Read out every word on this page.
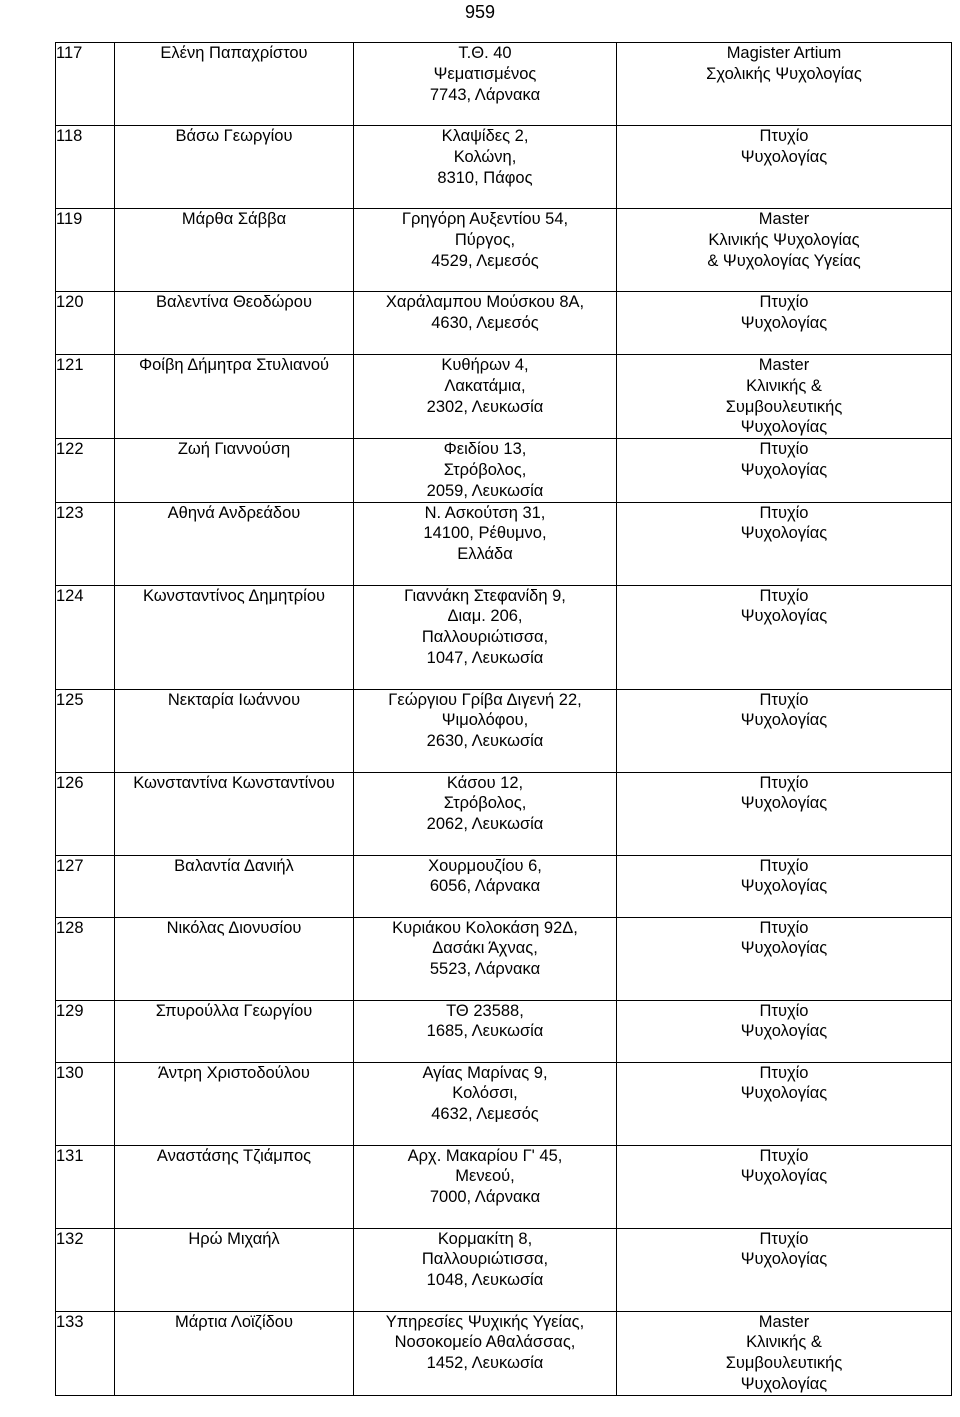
959
117	Ελένη Παπαχρίστου	Τ.Θ. 40
Ψεματισμένος
7743, Λάρνακα	Magister Artium
Σχολικής Ψυχολογίας

118	Βάσω Γεωργίου	Κλαψίδες 2,
Κολώνη,
8310, Πάφος	Πτυχίο
Ψυχολογίας

119	Μάρθα Σάββα	Γρηγόρη Αυξεντίου 54,
Πύργος,
4529, Λεμεσός	Master
Κλινικής Ψυχολογίας
& Ψυχολογίας Υγείας

120	Βαλεντίνα Θεοδώρου	Χαράλαμπου Μούσκου 8Α,
4630, Λεμεσός	Πτυχίο
Ψυχολογίας

121	Φοίβη Δήμητρα Στυλιανού	Κυθήρων 4,
Λακατάμια,
2302, Λευκωσία	Master
Κλινικής &
Συμβουλευτικής
Ψυχολογίας

122	Ζωή Γιαννούση	Φειδίου 13,
Στρόβολος,
2059, Λευκωσία	Πτυχίο
Ψυχολογίας

123	Αθηνά Ανδρεάδου	Ν. Ασκούτση 31,
14100, Ρέθυμνο,
Ελλάδα	Πτυχίο
Ψυχολογίας

124	Κωνσταντίνος Δημητρίου	Γιαννάκη Στεφανίδη 9,
Διαμ. 206,
Παλλουριώτισσα,
1047, Λευκωσία	Πτυχίο
Ψυχολογίας

125	Νεκταρία Ιωάννου	Γεώργιου Γρίβα Διγενή 22,
Ψιμολόφου,
2630, Λευκωσία	Πτυχίο
Ψυχολογίας

126	Κωνσταντίνα Κωνσταντίνου	Κάσου 12,
Στρόβολος,
2062, Λευκωσία	Πτυχίο
Ψυχολογίας

127	Βαλαντία Δανιήλ	Χουρμουζίου 6,
6056, Λάρνακα	Πτυχίο
Ψυχολογίας

128	Νικόλας Διονυσίου	Κυριάκου Κολοκάση 92Δ,
Δασάκι Άχνας,
5523, Λάρνακα	Πτυχίο
Ψυχολογίας

129	Σπυρούλλα Γεωργίου	ΤΘ 23588,
1685, Λευκωσία	Πτυχίο
Ψυχολογίας

130	Άντρη Χριστοδούλου	Αγίας Μαρίνας 9,
Κολόσσι,
4632, Λεμεσός	Πτυχίο
Ψυχολογίας

131	Αναστάσης Τζιάμπος	Αρχ. Μακαρίου Γ' 45,
Μενεού,
7000, Λάρνακα	Πτυχίο
Ψυχολογίας

132	Ηρώ Μιχαήλ	Κορμακίτη 8,
Παλλουριώτισσα,
1048, Λευκωσία	Πτυχίο
Ψυχολογίας

133	Μάρτια Λοϊζίδου	Υπηρεσίες Ψυχικής Υγείας,
Νοσοκομείο Αθαλάσσας,
1452, Λευκωσία	Master
Κλινικής &
Συμβουλευτικής
Ψυχολογίας
